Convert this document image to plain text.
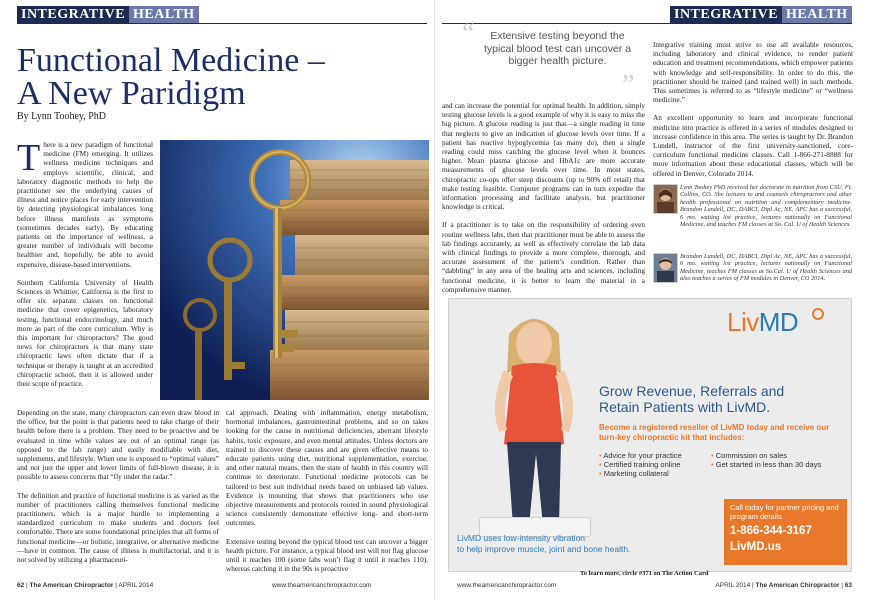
INTEGRATIVE HEALTH
Functional Medicine –
A New Paridigm
By Lynn Toohey, PhD

There is a new paradigm of functional medicine (FM) emerging. It utilizes wellness medicine techniques and employs scientific, clinical, and laboratory diagnostic methods to help the practitioner see the underlying causes of illness and notice places for early intervention by detecting physiological imbalances long before illness manifests as symptoms (sometimes decades early). By educating patients on the importance of wellness, a greater number of individuals will become healthier and, hopefully, be able to avoid expensive, disease-based interventions.

Southern California University of Health Sciences in Whittier, California is the first to offer six separate classes on functional medicine that cover epigenetics, laboratory testing, functional endocrinology, and much more as part of the core curriculum. Why is this important for chiropractors? The good news for chiropractors is that many state chiropractic laws often dictate that if a technique or therapy is taught at an accredited chiropractic school, then it is allowed under their scope of practice.

Depending on the state, many chiropractors can even draw blood in the office, but the point is that patients need to take charge of their health before there is a problem. They need to be proactive and be evaluated in time while values are out of an optimal range (as opposed to the lab range) and easily modifiable with diet, supplements, and lifestyle. When one is exposed to “optimal values” and not just the upper and lower limits of full-blown disease, it is possible to assess concerns that “fly under the radar.”

The definition and practice of functional medicine is as varied as the number of practitioners calling themselves functional medicine practitioners, which is a major hurdle to implementing a standardized curriculum to make students and doctors feel comfortable. There are some foundational principles that all forms of functional medicine—or holistic, integrative, or alternative medicine—have in common. The cause of illness is multifactorial, and it is not solved by utilizing a pharmaceuti-

cal approach. Dealing with inflammation, energy metabolism, hormonal imbalances, gastrointestinal problems, and so on takes looking for the cause in nutritional deficiencies, aberrant lifestyle habits, toxic exposure, and even mental attitudes. Unless doctors are trained to discover these causes and are given effective means to educate patients using diet, nutritional supplementation, exercise, and other natural means, then the state of health in this country will continue to deteriorate. Functional medicine protocols can be tailored to best suit individual needs based on unbiased lab values. Evidence is mounting that shows that practitioners who use objective measurements and protocols rooted in sound physiological science consistently demonstrate effective long- and short-term outcomes.

Extensive testing beyond the typical blood test can uncover a bigger health picture. For instance, a typical blood test will not flag glucose until it reaches 100 (some labs won’t flag it until it reaches 110), whereas catching it in the 90s is proactive

62 | The American Chiropractor | APRIL 2014	www.theamericanchiropractor.com
INTEGRATIVE HEALTH
“	Extensive testing beyond the typical blood test can uncover a bigger health picture.
”

and can increase the potential for optimal health. In addition, simply testing glucose levels is a good example of why it is easy to miss the big picture. A glucose reading is just that—a single reading in time that neglects to give an indication of glucose levels over time. If a patient has reactive hypoglycemia (as many do), then a single reading could miss catching the glucose level when it bounces higher. Mean plasma glucose and HbA1c are more accurate measurements of glucose levels over time. In most states, chiropractic co-ops offer steep discounts (up to 90% off retail) that make testing feasible. Computer programs can in turn expedite the information processing and facilitate analysis, but practitioner knowledge is critical.

If a practitioner is to take on the responsibility of ordering even routine wellness labs, then that practitioner must be able to assess the lab findings accurately, as well as effectively correlate the lab data with clinical findings to provide a more complete, thorough, and accurate assessment of the patient’s condition. Rather than “dabbling” in any area of the healing arts and sciences, including functional medicine, it is better to learn the material in a comprehensive manner.

Integrative training must strive to use all available resources, including laboratory and clinical evidence, to render patient education and treatment recommendations, which empower patients with knowledge and self-responsibility. In order to do this, the practitioner should be trained (and trained well) in such methods. This sometimes is referred to as “lifestyle medicine” or “wellness medicine.”

An excellent opportunity to learn and incorporate functional medicine into practice is offered in a series of modules designed to increase confidence in this area. The series is taught by Dr. Brandon Lundell, instructor of the first university-sanctioned, core-curriculum functional medicine classes. Call 1-866-271-8888 for more information about these educational classes, which will be offered in Denver, Colorado 2014.

Lynn Toohey PhD received her doctorate in nutrition from CSU, Ft. Collins, CO. She lectures to and counsels chiropractors and other health professional on nutrition and complementary medicine. Brandon Lundell, DC, DABCI, Dipl Ac, NE, APC has a successful, 6 mo. waiting list practice, lectures nationally on Functional Medicine, and teaches FM classes at So. Cal. U of Health Sciences.
Brandon Lundell, DC, DABCI, Dipl Ac, NE, APC has a successful, 6 mo. waiting list practice, lectures nationally on Functional Medicine, teaches FM classes at So.Cal. U of Health Sciences and also teaches a series of FM modules in Denver, CO 2014.
LivMD
Grow Revenue, Referrals and
Retain Patients with LivMD.
Become a registered reseller of LivMD today and receive our turn-key chiropractic kit that includes:
• Advice for your practice
• Certified training online
• Marketing collateral
• Commission on sales
• Get started in less than 30 days
Call today for partner pricing and program details
1-866-344-3167
LivMD.us
LivMD uses low-intensity vibration
to help improve muscle, joint and bone health.
To learn more, circle #371 on The Action Card
www.theamericanchiropractor.com	APRIL 2014 | The American Chiropractor | 63
